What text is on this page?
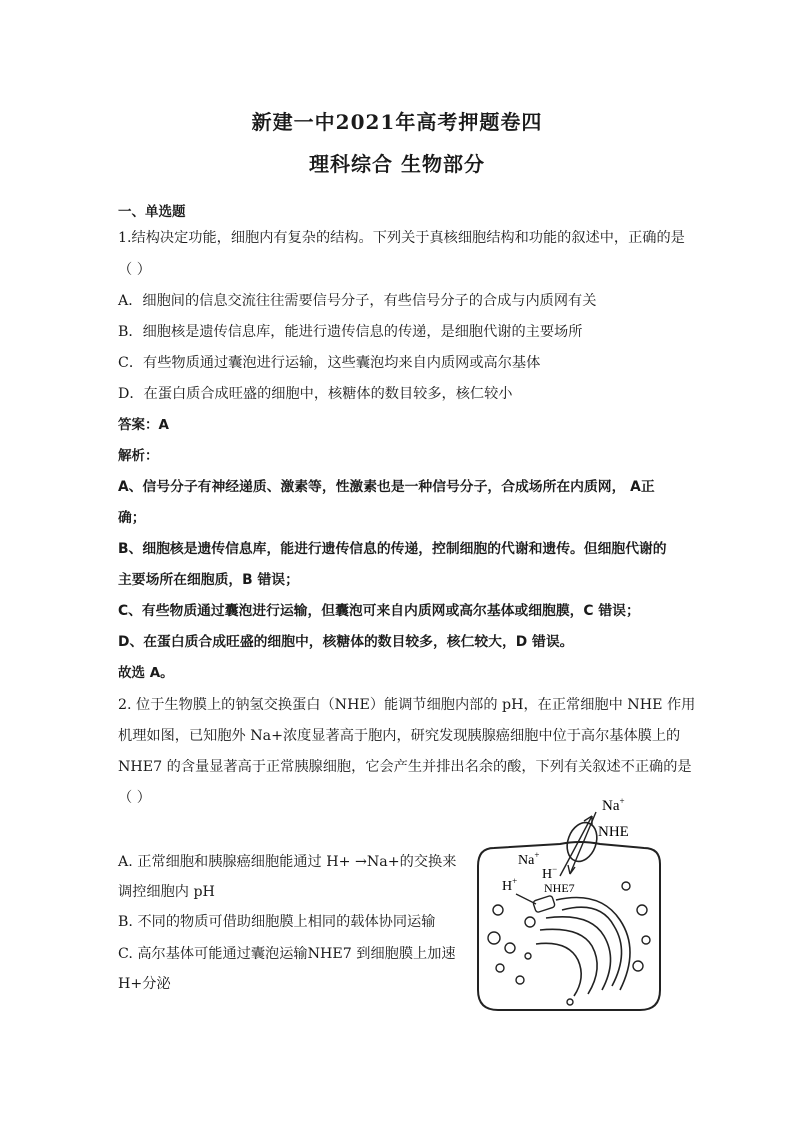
新建一中2021年高考押题卷四
理科综合 生物部分
一、单选题
1.结构决定功能，细胞内有复杂的结构。下列关于真核细胞结构和功能的叙述中，正确的是
（ ）
A．细胞间的信息交流往往需要信号分子，有些信号分子的合成与内质网有关
B．细胞核是遗传信息库，能进行遗传信息的传递，是细胞代谢的主要场所
C．有些物质通过囊泡进行运输，这些囊泡均来自内质网或高尔基体
D．在蛋白质合成旺盛的细胞中，核糖体的数目较多，核仁较小
答案：A
解析：
A、信号分子有神经递质、激素等，性激素也是一种信号分子，合成场所在内质网， A正
确；
B、细胞核是遗传信息库，能进行遗传信息的传递，控制细胞的代谢和遗传。但细胞代谢的
主要场所在细胞质，B 错误；
C、有些物质通过囊泡进行运输，但囊泡可来自内质网或高尔基体或细胞膜，C 错误；
D、在蛋白质合成旺盛的细胞中，核糖体的数目较多，核仁较大，D 错误。
故选 A。
2. 位于生物膜上的钠氢交换蛋白（NHE）能调节细胞内部的 pH，在正常细胞中 NHE 作用
机理如图，已知胞外 Na+浓度显著高于胞内，研究发现胰腺癌细胞中位于高尔基体膜上的
NHE7 的含量显著高于正常胰腺细胞，它会产生并排出名余的酸，下列有关叙述不正确的是
（ ）
A. 正常细胞和胰腺癌细胞能通过 H+ →Na+的交换来
调控细胞内 pH
B. 不同的物质可借助细胞膜上相同的载体协同运输
C. 高尔基体可能通过囊泡运输NHE7 到细胞膜上加速
H+分泌
Na+
NHE
Na+
H−
H+ NHE7
